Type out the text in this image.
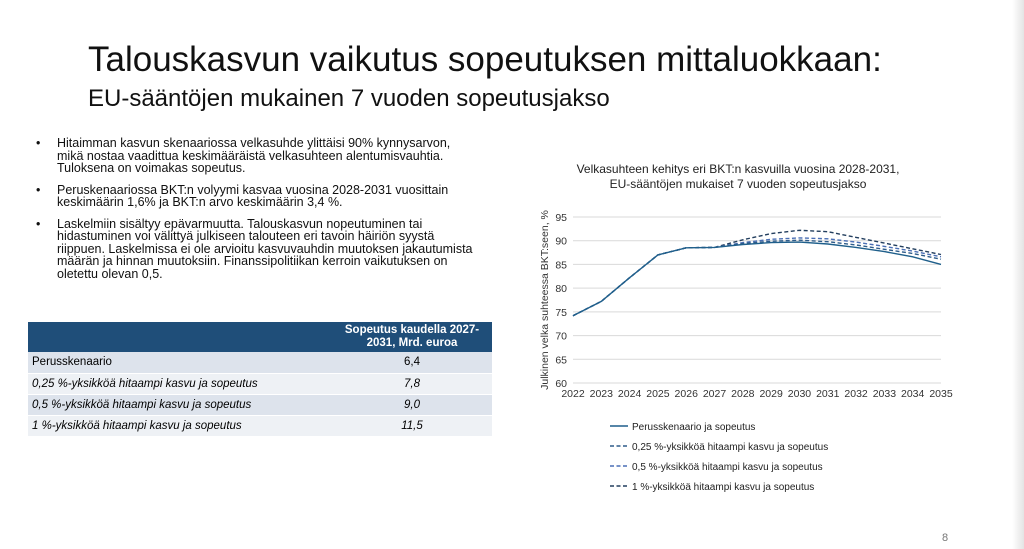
Talouskasvun vaikutus sopeutuksen mittaluokkaan:
EU-sääntöjen mukainen 7 vuoden sopeutusjakso
• Hitaimman kasvun skenaariossa velkasuhde ylittäisi 90% kynnysarvon,
mikä nostaa vaadittua keskimääräistä velkasuhteen alentumisvauhtia.
Tuloksena on voimakas sopeutus.
• Peruskenaariossa BKT:n volyymi kasvaa vuosina 2028-2031 vuosittain
keskimäärin 1,6% ja BKT:n arvo keskimäärin 3,4 %.
• Laskelmiin sisältyy epävarmuutta. Talouskasvun nopeutuminen tai
hidastuminen voi välittyä julkiseen talouteen eri tavoin häiriön syystä
riippuen. Laskelmissa ei ole arvioitu kasvuvauhdin muutoksen jakautumista
määrän ja hinnan muutoksiin. Finanssipolitiikan kerroin vaikutuksen on
oletettu olevan 0,5.
	Sopeutus kaudella 2027-2031, Mrd. euroa
Perusskenaario	6,4
0,25 %-yksikköä hitaampi kasvu ja sopeutus	7,8
0,5 %-yksikköä hitaampi kasvu ja sopeutus	9,0
1 %-yksikköä hitaampi kasvu ja sopeutus	11,5
Velkasuhteen kehitys eri BKT:n kasvuilla vuosina 2028-2031,
EU-sääntöjen mukaiset 7 vuoden sopeutusjakso
60
65
70
75
80
85
90
95
2022 2023 2024 2025 2026 2027 2028 2029 2030 2031 2032 2033 2034 2035
Julkinen velka suhteessa BKT:seen, %
Perusskenaario ja sopeutus
0,25 %-yksikköä hitaampi kasvu ja sopeutus
0,5 %-yksikköä hitaampi kasvu ja sopeutus
1 %-yksikköä hitaampi kasvu ja sopeutus
8
